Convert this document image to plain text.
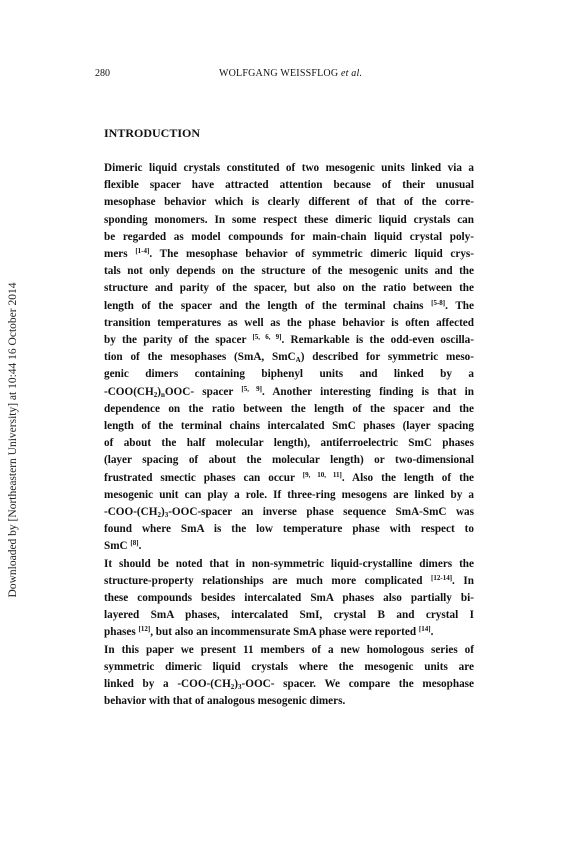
Downloaded by [Northeastern University] at 10:44 16 October 2014
280	WOLFGANG WEISSFLOG et al.
INTRODUCTION
Dimeric liquid crystals constituted of two mesogenic units linked via a
flexible spacer have attracted attention because of their unusual
mesophase behavior which is clearly different of that of the corre-
sponding monomers. In some respect these dimeric liquid crystals can
be regarded as model compounds for main-chain liquid crystal poly-
mers [1-4]. The mesophase behavior of symmetric dimeric liquid crys-
tals not only depends on the structure of the mesogenic units and the
structure and parity of the spacer, but also on the ratio between the
length of the spacer and the length of the terminal chains [5-8]. The
transition temperatures as well as the phase behavior is often affected
by the parity of the spacer [5, 6, 9]. Remarkable is the odd-even oscilla-
tion of the mesophases (SmA, SmC$_A$) described for symmetric meso-
genic dimers containing biphenyl units and linked by a
$-COO(CH_2)_nOOC-$ spacer [5, 9]. Another interesting finding is that in
dependence on the ratio between the length of the spacer and the
length of the terminal chains intercalated SmC phases (layer spacing
of about the half molecular length), antiferroelectric SmC phases
(layer spacing of about the molecular length) or two-dimensional
frustrated smectic phases can occur [9, 10, 11]. Also the length of the
mesogenic unit can play a role. If three-ring mesogens are linked by a
$-COO-(CH_2)_3-OOC$-spacer an inverse phase sequence SmA-SmC was
found where SmA is the low temperature phase with respect to
SmC [8].
It should be noted that in non-symmetric liquid-crystalline dimers the
structure-property relationships are much more complicated [12-14]. In
these compounds besides intercalated SmA phases also partially bi-
layered SmA phases, intercalated SmI, crystal B and crystal I
phases [12], but also an incommensurate SmA phase were reported [14].
In this paper we present 11 members of a new homologous series of
symmetric dimeric liquid crystals where the mesogenic units are
linked by a $-COO-(CH_2)_3-OOC-$ spacer. We compare the mesophase
behavior with that of analogous mesogenic dimers.
